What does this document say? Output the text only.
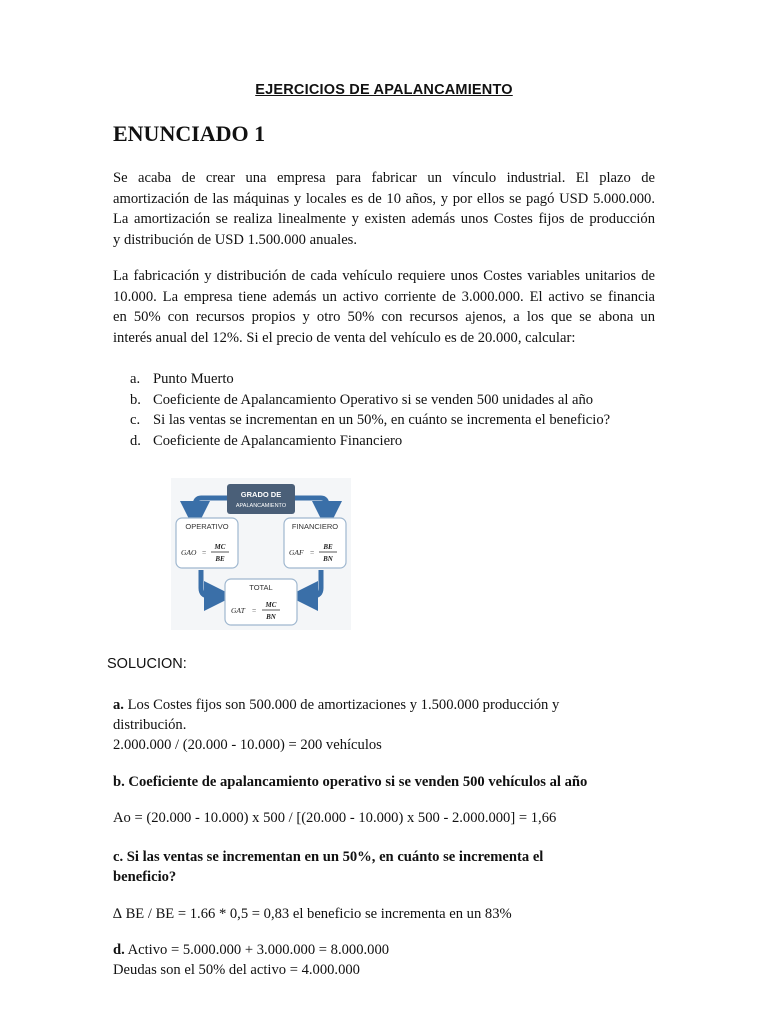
EJERCICIOS DE APALANCAMIENTO
ENUNCIADO 1
Se acaba de crear una empresa para fabricar un vínculo industrial. El plazo de
amortización de las máquinas y locales es de 10 años, y por ellos se pagó USD 5.000.000.
La amortización se realiza linealmente y existen además unos Costes fijos de producción
y distribución de USD 1.500.000 anuales.
La fabricación y distribución de cada vehículo requiere unos Costes variables unitarios de
10.000. La empresa tiene además un activo corriente de 3.000.000. El activo se financia
en 50% con recursos propios y otro 50% con recursos ajenos, a los que se abona un
interés anual del 12%. Si el precio de venta del vehículo es de 20.000, calcular:
a. Punto Muerto
b. Coeficiente de Apalancamiento Operativo si se venden 500 unidades al año
c. Si las ventas se incrementan en un 50%, en cuánto se incrementa el beneficio?
d. Coeficiente de Apalancamiento Financiero
GRADO DE
APALANCAMIENTO
OPERATIVO
GAO =
MC
BE
FINANCIERO
GAF =
BE
BN
TOTAL
GAT =
MC
BN
SOLUCION:
a. Los Costes fijos son 500.000 de amortizaciones y 1.500.000 producción y
distribución.
2.000.000 / (20.000 - 10.000) = 200 vehículos
b. Coeficiente de apalancamiento operativo si se venden 500 vehículos al año
Ao = (20.000 - 10.000) x 500 / [(20.000 - 10.000) x 500 - 2.000.000] = 1,66
c. Si las ventas se incrementan en un 50%, en cuánto se incrementa el
beneficio?
∆ BE / BE = 1.66 * 0,5 = 0,83 el beneficio se incrementa en un 83%
d. Activo = 5.000.000 + 3.000.000 = 8.000.000
Deudas son el 50% del activo = 4.000.000
